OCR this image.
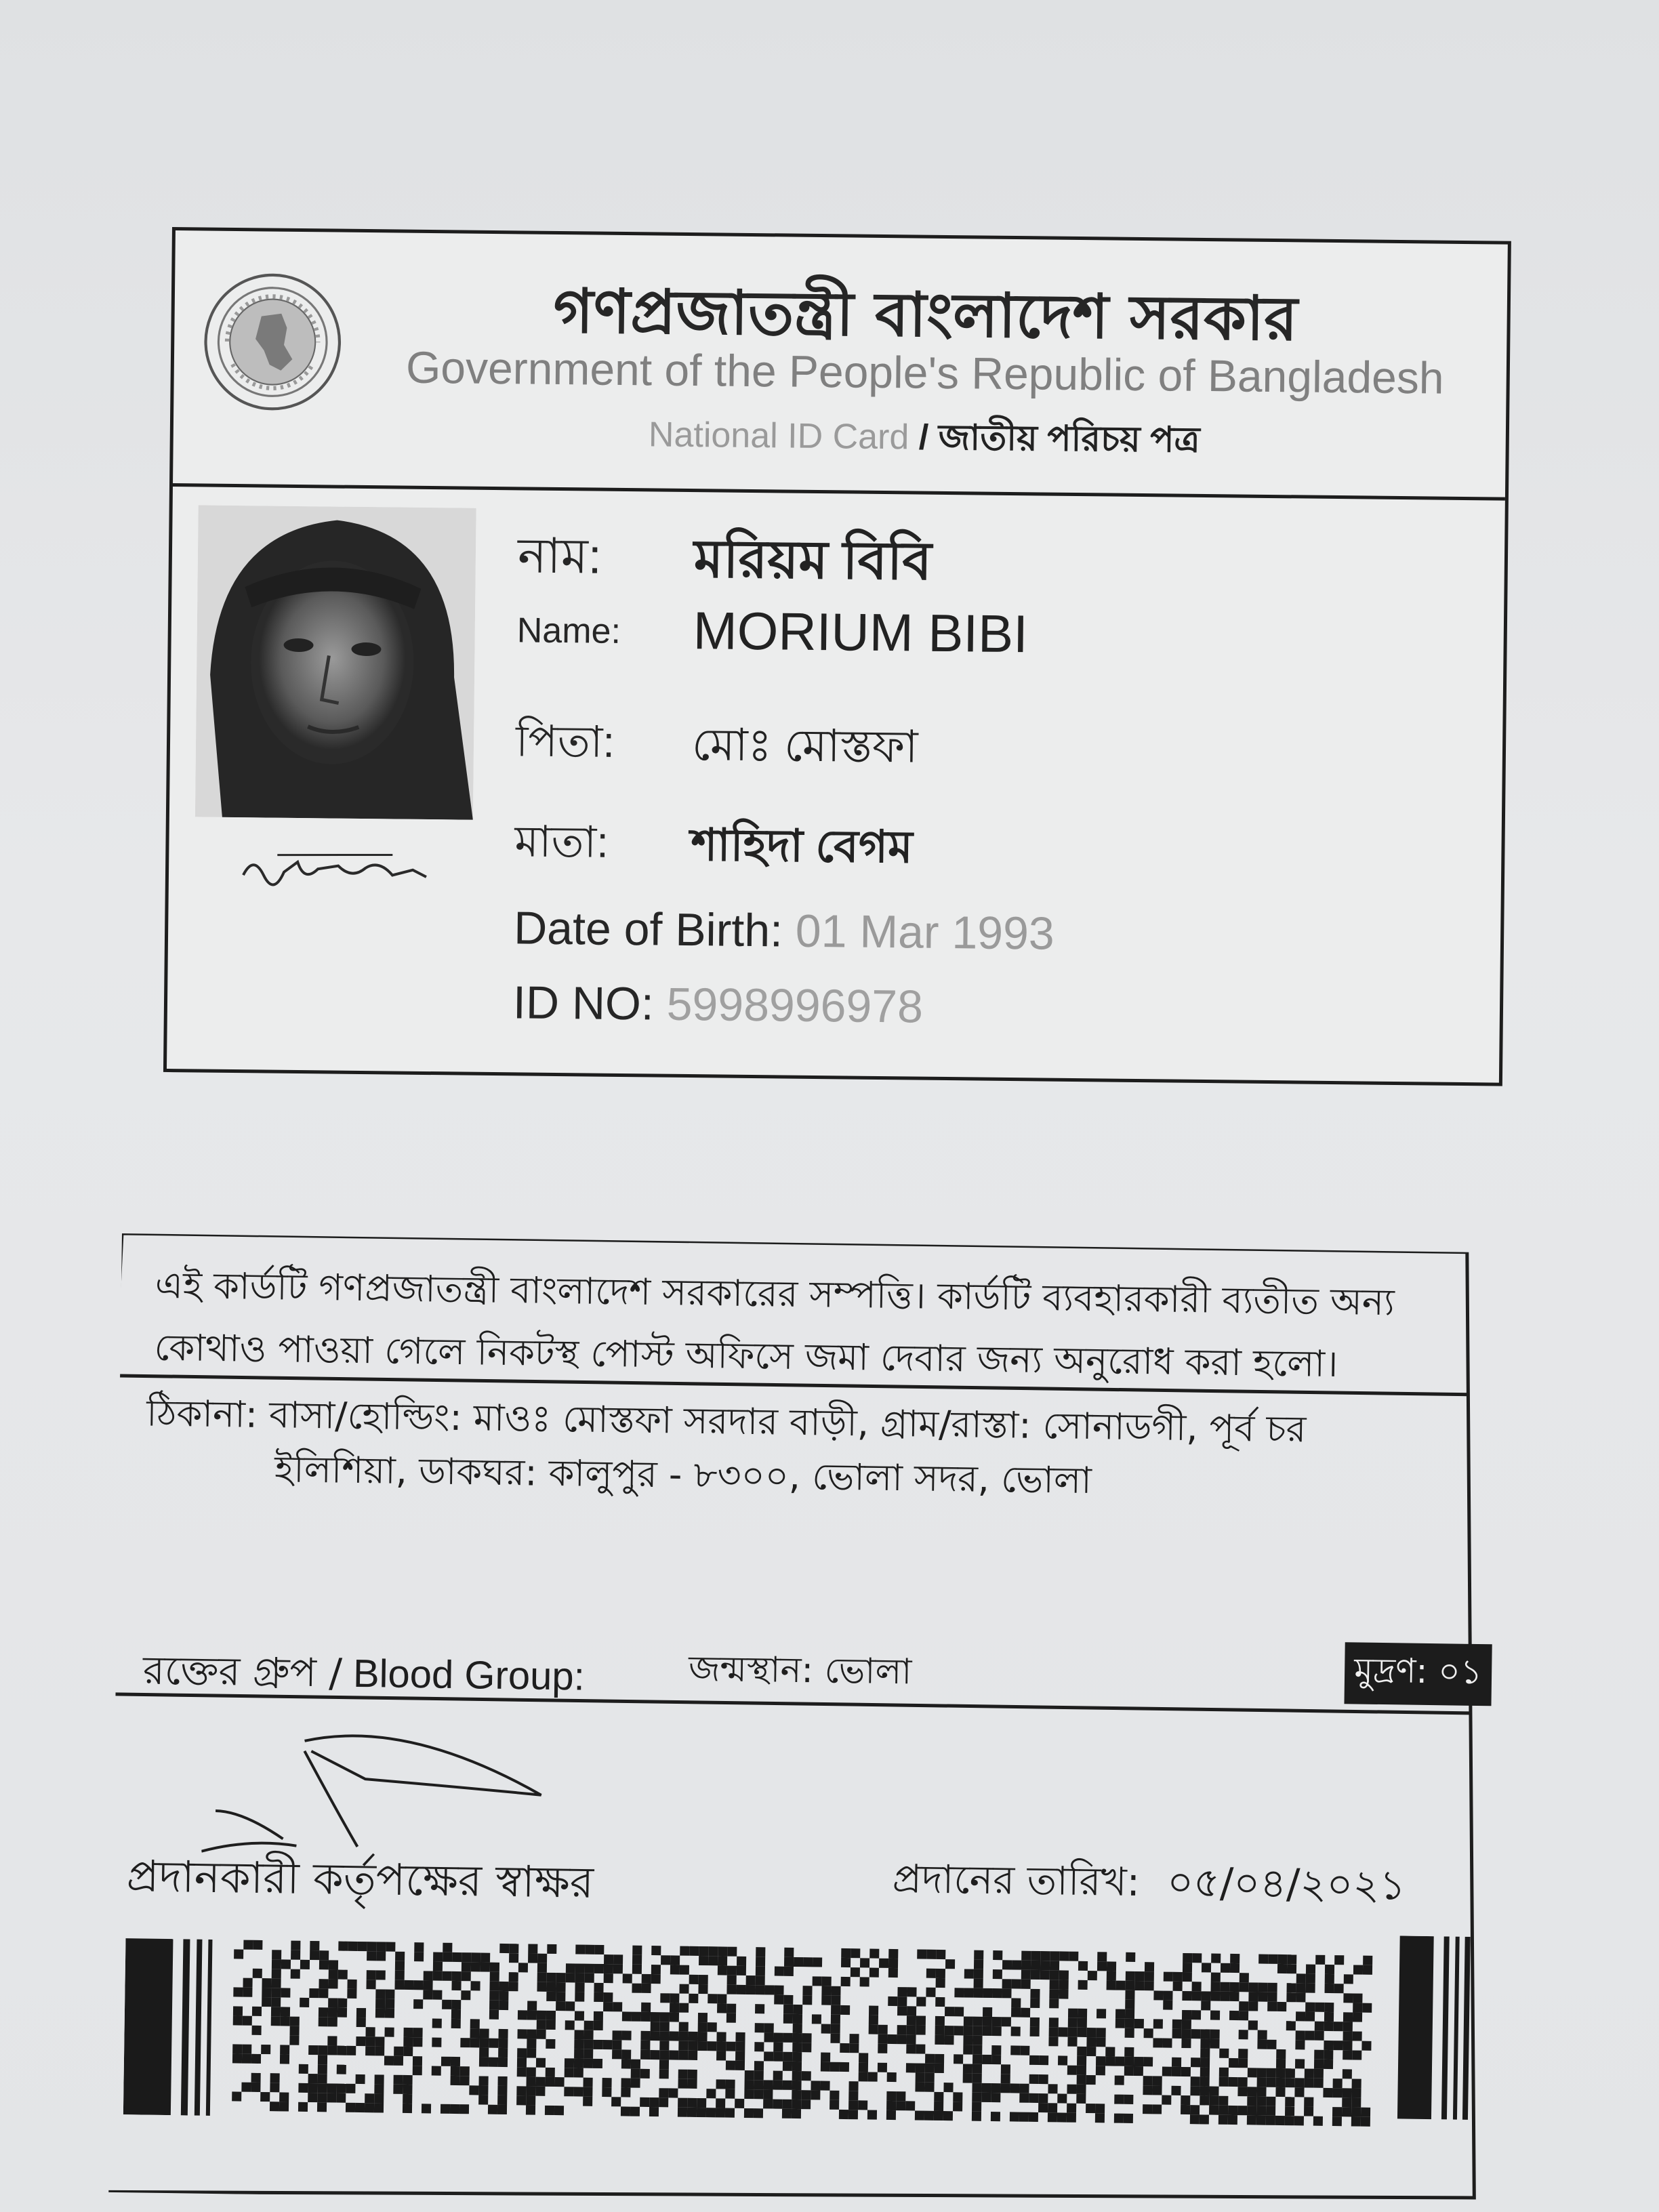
গণপ্রজাতন্ত্রী বাংলাদেশ সরকার
Government of the People's Republic of Bangladesh
National ID Card / জাতীয় পরিচয় পত্র
নাম: মরিয়ম বিবি
Name: MORIUM BIBI
পিতা: মোঃ মোস্তফা
মাতা: শাহিদা বেগম
Date of Birth: 01 Mar 1993
ID NO: 5998996978
এই কার্ডটি গণপ্রজাতন্ত্রী বাংলাদেশ সরকারের সম্পত্তি। কার্ডটি ব্যবহারকারী ব্যতীত অন্য কোথাও পাওয়া গেলে নিকটস্থ পোস্ট অফিসে জমা দেবার জন্য অনুরোধ করা হলো।
ঠিকানা: বাসা/হোল্ডিং: মাওঃ মোস্তফা সরদার বাড়ী, গ্রাম/রাস্তা: সোনাডগী, পূর্ব চর
ইলিশিয়া, ডাকঘর: কালুপুর - ৮৩০০, ভোলা সদর, ভোলা
রক্তের গ্রুপ / Blood Group:	জন্মস্থান: ভোলা	মুদ্রণ: ০১
প্রদানকারী কর্তৃপক্ষের স্বাক্ষর	প্রদানের তারিখ: ০৫/০৪/২০২১
